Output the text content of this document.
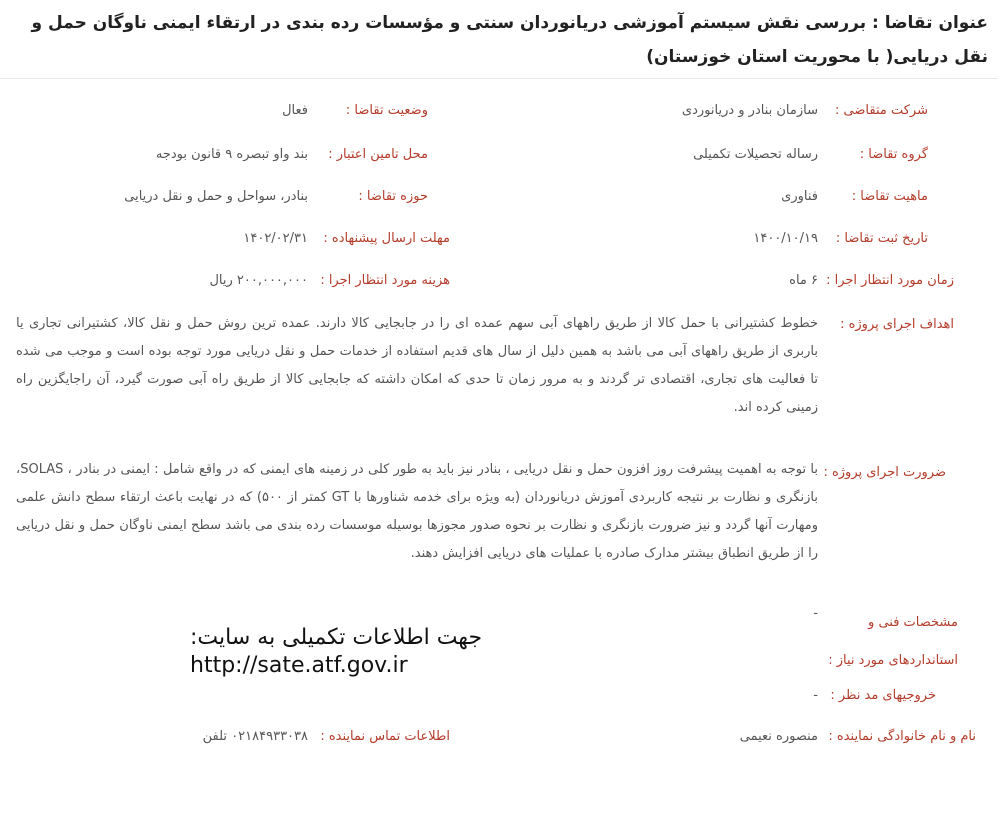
عنوان تقاضا : بررسی نقش سیستم آموزشی دریانوردان سنتی و مؤسسات رده بندی در ارتقاء ایمنی ناوگان حمل و نقل دریایی( با محوریت استان خوزستان)
شرکت متقاضی :
سازمان بنادر و دریانوردی
وضعیت تقاضا :
فعال
گروه تقاضا :
رساله تحصیلات تکمیلی
محل تامین اعتبار :
بند واو تبصره ۹ قانون بودجه
ماهیت تقاضا :
فناوری
حوزه تقاضا :
بنادر، سواحل و حمل و نقل دریایی
تاریخ ثبت تقاضا :
۱۴۰۰/۱۰/۱۹
مهلت ارسال پیشنهاده :
۱۴۰۲/۰۲/۳۱
زمان مورد انتظار اجرا :
۶ ماه
هزینه مورد انتظار اجرا :
۲۰۰,۰۰۰,۰۰۰ ریال
اهداف اجرای پروژه :
خطوط کشتیرانی با حمل کالا از طریق راههای آبی سهم عمده ای را در جابجایی کالا دارند. عمده ترین روش حمل و نقل کالا، کشتیرانی تجاری یا باربری از طریق راههای آبی می باشد به همین دلیل از سال های قدیم استفاده از خدمات حمل و نقل دریایی مورد توجه بوده است و موجب می شده تا فعالیت های تجاری، اقتصادی تر گردند و به مرور زمان تا حدی که امکان داشته که جابجایی کالا از طریق راه آبی صورت گیرد، آن راجایگزین راه زمینی کرده اند.
ضرورت اجرای پروژه :
با توجه به اهمیت پیشرفت روز افزون حمل و نقل دریایی ، بنادر نیز باید به طور کلی در زمینه های ایمنی که در واقع شامل : ایمنی در بنادر ، SOLAS، بازنگری و نظارت بر نتیجه کاربردی آموزش دریانوردان (به ویژه برای خدمه شناورها با GT کمتر از ۵۰۰) که در نهایت باعث ارتقاء سطح دانش علمی ومهارت آنها گردد و نیز ضرورت بازنگری و نظارت بر نحوه صدور مجوزها بوسیله موسسات رده بندی می باشد سطح ایمنی ناوگان حمل و نقل دریایی را از طریق انطباق بیشتر مدارک صادره با عملیات های دریایی افزایش دهند.
مشخصات فنی و استانداردهای مورد نیاز :
-
خروجیهای مد نظر :
-
نام و نام خانوادگی نماینده :
منصوره نعیمی
اطلاعات تماس نماینده :
۰۲۱۸۴۹۳۳۰۳۸ تلفن
جهت اطلاعات تکمیلی به سایت:
http://sate.atf.gov.ir
